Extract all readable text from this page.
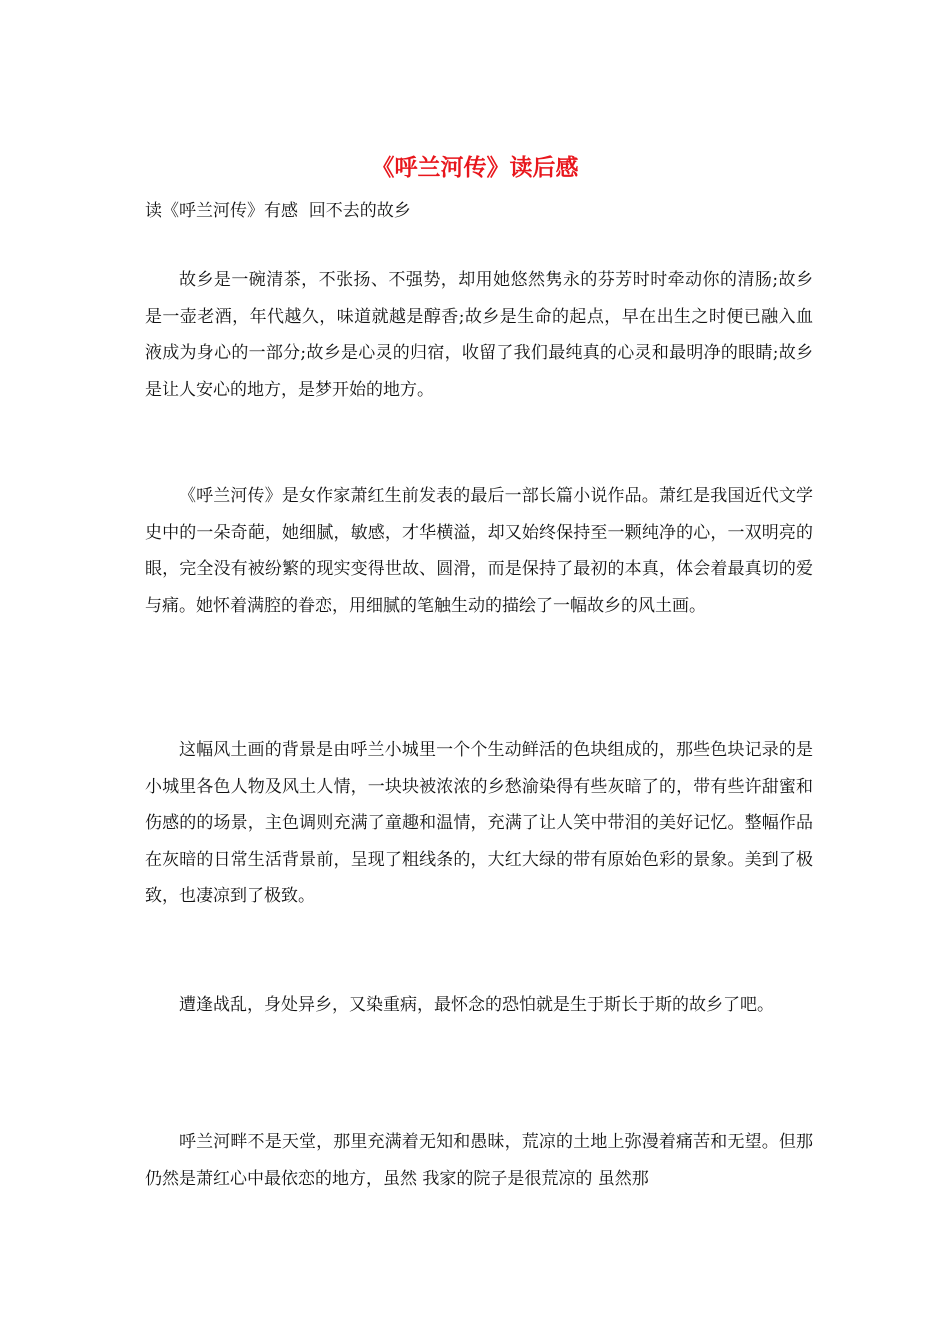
《呼兰河传》读后感
读《呼兰河传》有感  回不去的故乡

故乡是一碗清茶，不张扬、不强势，却用她悠然隽永的芬芳时时牵动你的清肠;故乡是一壶老酒，年代越久，味道就越是醇香;故乡是生命的起点，早在出生之时便已融入血液成为身心的一部分;故乡是心灵的归宿，收留了我们最纯真的心灵和最明净的眼睛;故乡是让人安心的地方，是梦开始的地方。

《呼兰河传》是女作家萧红生前发表的最后一部长篇小说作品。萧红是我国近代文学史中的一朵奇葩，她细腻，敏感，才华横溢，却又始终保持至一颗纯净的心，一双明亮的眼，完全没有被纷繁的现实变得世故、圆滑，而是保持了最初的本真，体会着最真切的爱与痛。她怀着满腔的眷恋，用细腻的笔触生动的描绘了一幅故乡的风土画。

这幅风土画的背景是由呼兰小城里一个个生动鲜活的色块组成的，那些色块记录的是小城里各色人物及风土人情，一块块被浓浓的乡愁渝染得有些灰暗了的，带有些许甜蜜和伤感的的场景，主色调则充满了童趣和温情，充满了让人笑中带泪的美好记忆。整幅作品在灰暗的日常生活背景前，呈现了粗线条的，大红大绿的带有原始色彩的景象。美到了极致，也凄凉到了极致。

遭逢战乱，身处异乡，又染重病，最怀念的恐怕就是生于斯长于斯的故乡了吧。

呼兰河畔不是天堂，那里充满着无知和愚昧，荒凉的土地上弥漫着痛苦和无望。但那仍然是萧红心中最依恋的地方，虽然 我家的院子是很荒凉的 虽然那
